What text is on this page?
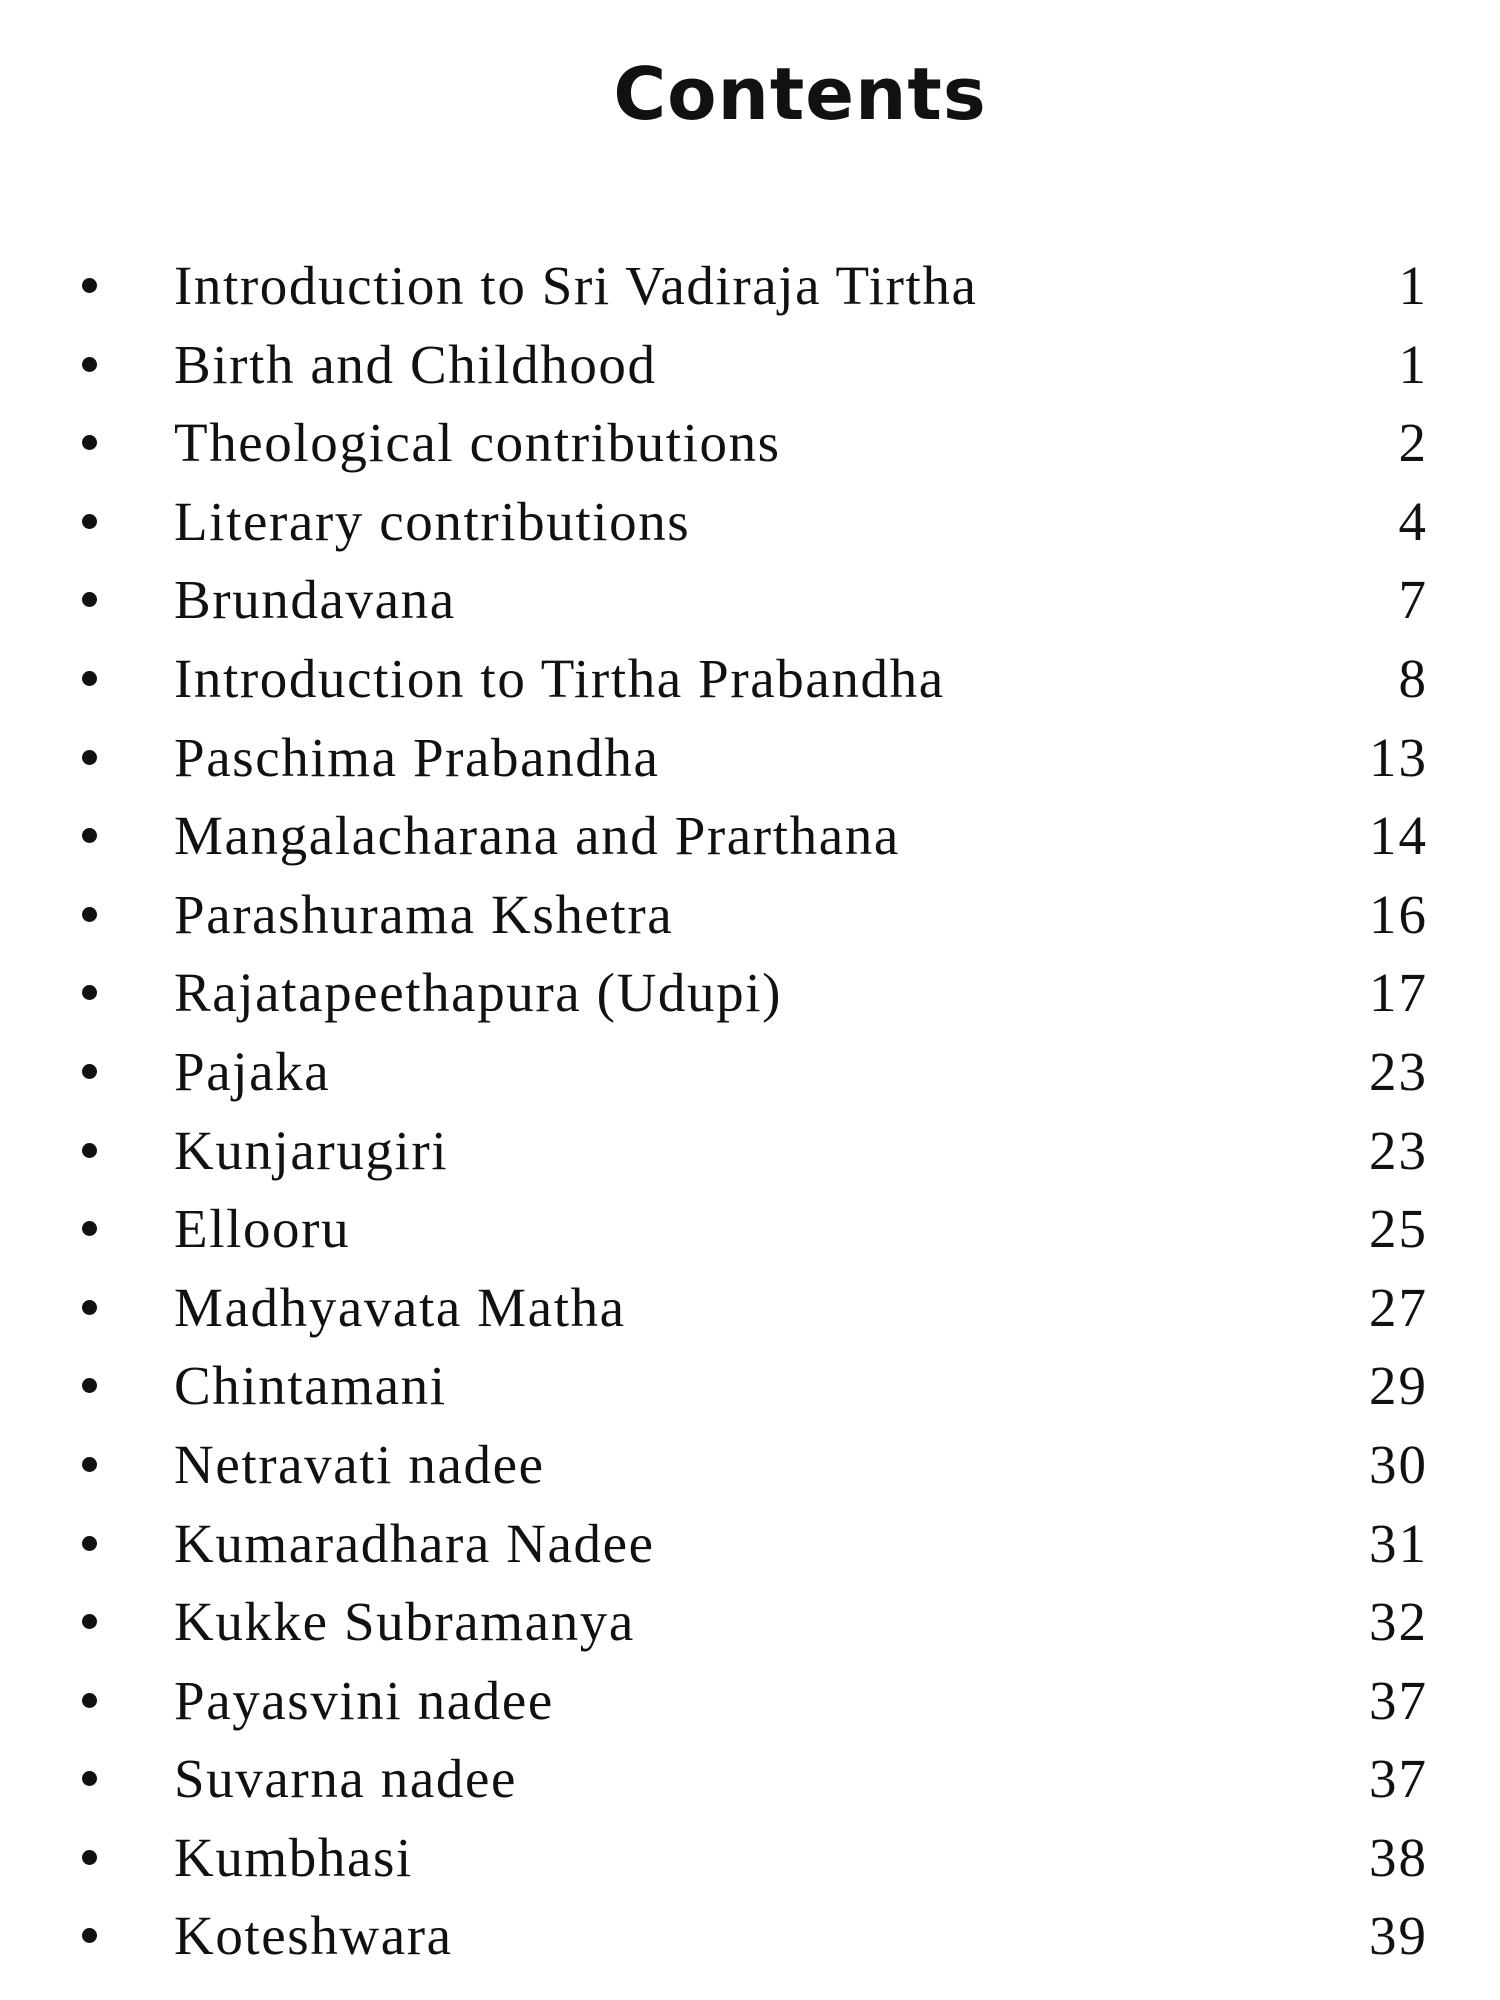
Contents
Introduction to Sri Vadiraja Tirtha	1
Birth and Childhood	1
Theological contributions	2
Literary contributions	4
Brundavana	7
Introduction to Tirtha Prabandha	8
Paschima Prabandha	13
Mangalacharana and Prarthana	14
Parashurama Kshetra	16
Rajatapeethapura (Udupi)	17
Pajaka	23
Kunjarugiri	23
Ellooru	25
Madhyavata Matha	27
Chintamani	29
Netravati nadee	30
Kumaradhara Nadee	31
Kukke Subramanya	32
Payasvini nadee	37
Suvarna nadee	37
Kumbhasi	38
Koteshwara	39
